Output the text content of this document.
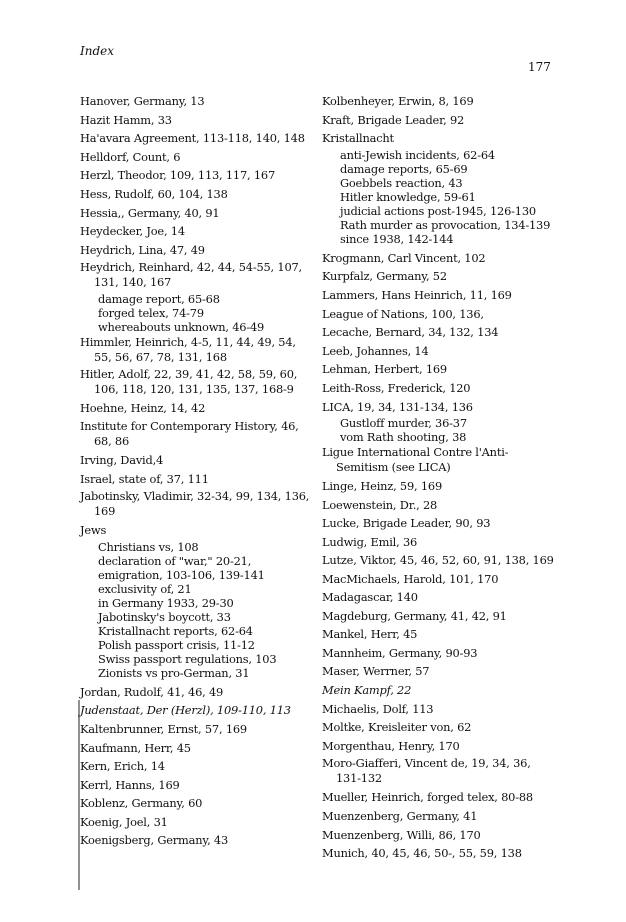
Index
177

Hanover, Germany, 13

Hazit Hamm, 33

Ha'avara Agreement, 113-118, 140, 148

Helldorf, Count, 6

Herzl, Theodor, 109, 113, 117, 167

Hess, Rudolf, 60, 104, 138

Hessia,, Germany, 40, 91

Heydecker, Joe, 14

Heydrich, Lina, 47, 49

Heydrich, Reinhard, 42, 44, 54-55, 107, 131, 140, 167

damage report, 65-68

forged telex, 74-79

whereabouts unknown, 46-49

Himmler, Heinrich, 4-5, 11, 44, 49, 54, 55, 56, 67, 78, 131, 168

Hitler, Adolf, 22, 39, 41, 42, 58, 59, 60, 106, 118, 120, 131, 135, 137, 168-9

Hoehne, Heinz, 14, 42

Institute for Contemporary History, 46, 68, 86

Irving, David,4

Israel, state of, 37, 111

Jabotinsky, Vladimir, 32-34, 99, 134, 136, 169

Jews

Christians vs, 108

declaration of "war," 20-21,

emigration, 103-106, 139-141

exclusivity of, 21

in Germany 1933, 29-30

Jabotinsky's boycott, 33

Kristallnacht reports, 62-64

Polish passport crisis, 11-12

Swiss passport regulations, 103

Zionists vs pro-German, 31

Jordan, Rudolf, 41, 46, 49

Judenstaat, Der (Herzl), 109-110, 113

Kaltenbrunner, Ernst, 57, 169

Kaufmann, Herr, 45

Kern, Erich, 14

Kerrl, Hanns, 169

Koblenz, Germany, 60

Koenig, Joel, 31

Koenigsberg, Germany, 43

Kolbenheyer, Erwin, 8, 169

Kraft, Brigade Leader, 92

Kristallnacht

anti-Jewish incidents, 62-64

damage reports, 65-69

Goebbels reaction, 43

Hitler knowledge, 59-61

judicial actions post-1945, 126-130

Rath murder as provocation, 134-139

since 1938, 142-144

Krogmann, Carl Vincent, 102

Kurpfalz, Germany, 52

Lammers, Hans Heinrich, 11, 169

League of Nations, 100, 136,

Lecache, Bernard, 34, 132, 134

Leeb, Johannes, 14

Lehman, Herbert, 169

Leith-Ross, Frederick, 120

LICA, 19, 34, 131-134, 136

Gustloff murder, 36-37

vom Rath shooting, 38

Ligue International Contre l'Anti-Semitism (see LICA)

Linge, Heinz, 59, 169

Loewenstein, Dr., 28

Lucke, Brigade Leader, 90, 93

Ludwig, Emil, 36

Lutze, Viktor, 45, 46, 52, 60, 91, 138, 169

MacMichaels, Harold, 101, 170

Madagascar, 140

Magdeburg, Germany, 41, 42, 91

Mankel, Herr, 45

Mannheim, Germany, 90-93

Maser, Werrner, 57

Mein Kampf, 22

Michaelis, Dolf, 113

Moltke, Kreisleiter von, 62

Morgenthau, Henry, 170

Moro-Giafferi, Vincent de, 19, 34, 36, 131-132

Mueller, Heinrich, forged telex, 80-88

Muenzenberg, Germany, 41

Muenzenberg, Willi, 86, 170

Munich, 40, 45, 46, 50-, 55, 59, 138
